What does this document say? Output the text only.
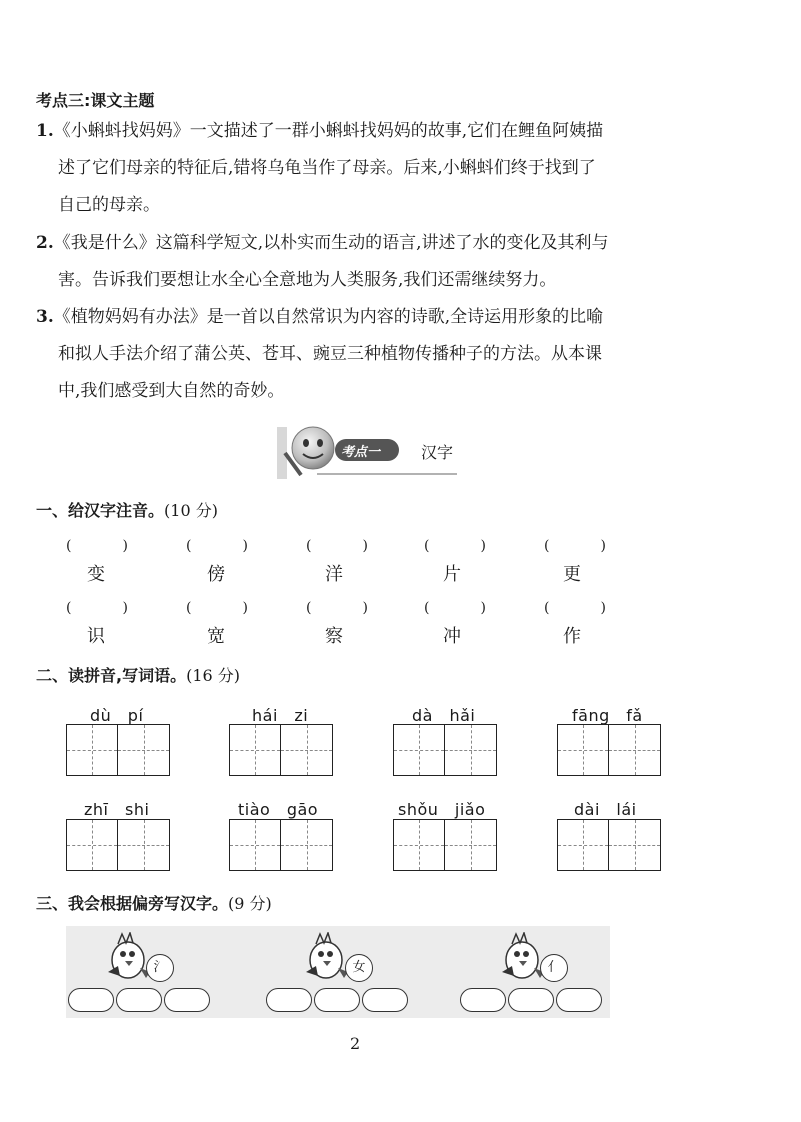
考点三:课文主题
1.《小蝌蚪找妈妈》一文描述了一群小蝌蚪找妈妈的故事,它们在鲤鱼阿姨描
述了它们母亲的特征后,错将乌龟当作了母亲。后来,小蝌蚪们终于找到了
自己的母亲。
2.《我是什么》这篇科学短文,以朴实而生动的语言,讲述了水的变化及其利与
害。告诉我们要想让水全心全意地为人类服务,我们还需继续努力。
3.《植物妈妈有办法》是一首以自然常识为内容的诗歌,全诗运用形象的比喻
和拟人手法介绍了蒲公英、苍耳、豌豆三种植物传播种子的方法。从本课
中,我们感受到大自然的奇妙。
考点一	汉字
一、给汉字注音。(10 分)
(	)	(	)	(	)	(	)	(	)
变	傍	洋	片	更
(	)	(	)	(	)	(	)	(	)
识	宽	察	冲	作
二、读拼音,写词语。(16 分)
dù　pí	hái　zi	dà　hǎi	fāng　fǎ
zhī　shi	tiào　gāo	shǒu　jiǎo	dài　lái
三、我会根据偏旁写汉字。(9 分)
氵	女	亻
2
